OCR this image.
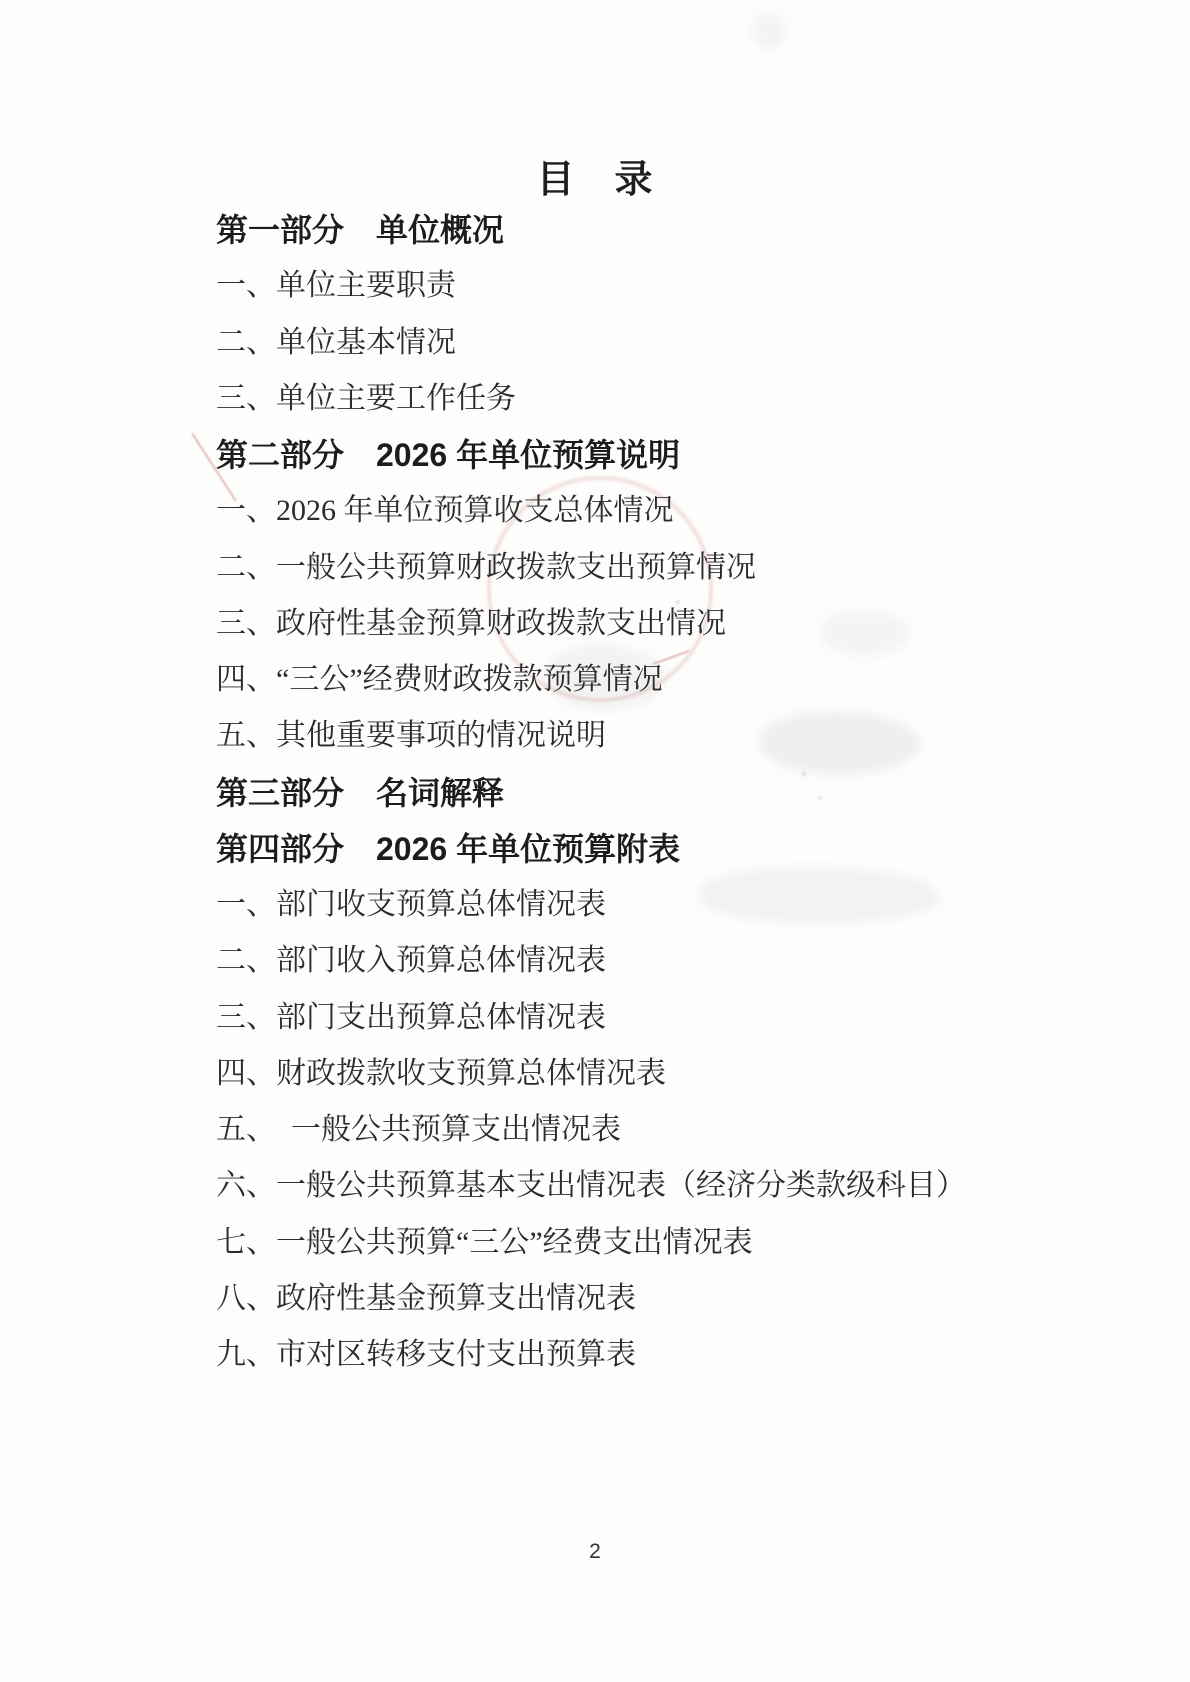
目　录
第一部分　单位概况
一、单位主要职责
二、单位基本情况
三、单位主要工作任务
第二部分　2026 年单位预算说明
一、2026 年单位预算收支总体情况
二、一般公共预算财政拨款支出预算情况
三、政府性基金预算财政拨款支出情况
四、“三公”经费财政拨款预算情况
五、其他重要事项的情况说明
第三部分　名词解释
第四部分　2026 年单位预算附表
一、部门收支预算总体情况表
二、部门收入预算总体情况表
三、部门支出预算总体情况表
四、财政拨款收支预算总体情况表
五、　一般公共预算支出情况表
六、一般公共预算基本支出情况表（经济分类款级科目）
七、一般公共预算“三公”经费支出情况表
八、政府性基金预算支出情况表
九、市对区转移支付支出预算表
2
